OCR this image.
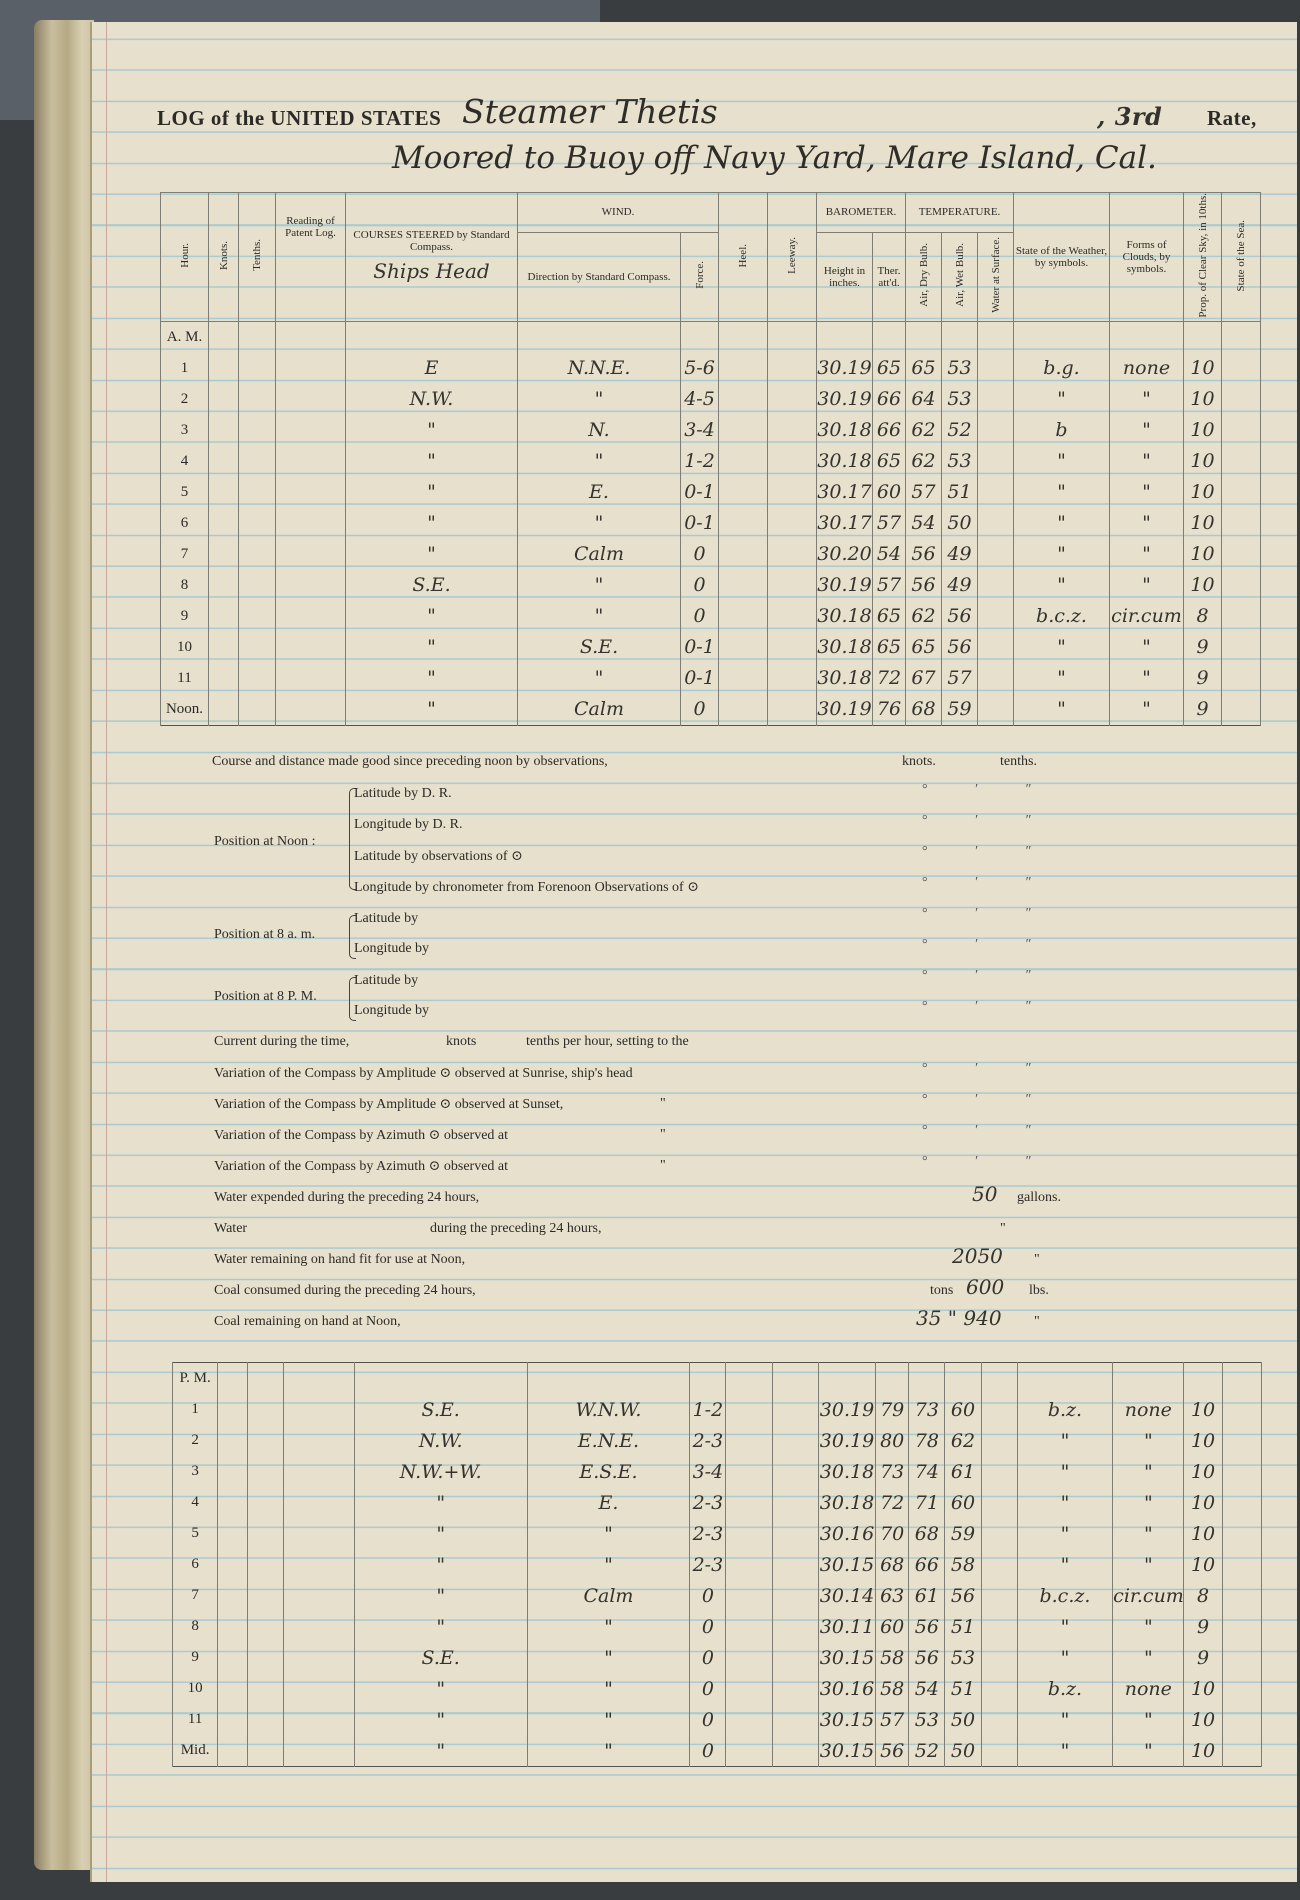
LOG of the UNITED STATES Steamer Thetis	, 3rd Rate,
Moored to Buoy off Navy Yard, Mare Island, Cal.
Hour.	Knots.	Tenths.	Reading of Patent Log.	COURSES STEERED by Standard Compass.
Ships Head	WIND.		Heel.	Leeway.	BAROMETER.		TEMPERATURE.			State of the Weather, by symbols.	Forms of Clouds, by symbols.	Prop. of Clear Sky, in 10ths.	State of the Sea.
					Direction by Standard Compass.	Force.			Height in inches.	Ther. att'd.	Air, Dry Bulb.	Air, Wet Bulb.	Water at Surface.				
A. M.																	
1				E	N.N.E.	5-6			30.19	65	65	53		b.g.	none	10	
2				N.W.	"	4-5			30.19	66	64	53		"	"	10	
3				"	N.	3-4			30.18	66	62	52		b	"	10	
4				"	"	1-2			30.18	65	62	53		"	"	10	
5				"	E.	0-1			30.17	60	57	51		"	"	10	
6				"	"	0-1			30.17	57	54	50		"	"	10	
7				"	Calm	0			30.20	54	56	49		"	"	10	
8				S.E.	"	0			30.19	57	56	49		"	"	10	
9				"	"	0			30.18	65	62	56		b.c.z.	cir.cum	8	
10				"	S.E.	0-1			30.18	65	65	56		"	"	9	
11				"	"	0-1			30.18	72	67	57		"	"	9	
Noon.				"	Calm	0			30.19	76	68	59		"	"	9	
Course and distance made good since preceding noon by observations,	knots.	tenths.
Position at Noon :
Latitude by D. R.
Longitude by D. R.
Latitude by observations of ⊙
Longitude by chronometer from Forenoon Observations of ⊙
Position at 8 a. m.
Latitude by
Longitude by
Position at 8 P. M.
Latitude by
Longitude by
Current during the time,	knots	tenths per hour, setting to the
Variation of the Compass by Amplitude ⊙ observed at Sunrise, ship's head
Variation of the Compass by Amplitude ⊙ observed at Sunset,	"
Variation of the Compass by Azimuth ⊙ observed at	"
Variation of the Compass by Azimuth ⊙ observed at	"
° ′ ″
° ′ ″
° ′ ″
° ′ ″
° ′ ″
° ′ ″
° ′ ″
° ′ ″
° ′ ″
° ′ ″
° ′ ″
° ′ ″
Water expended during the preceding 24 hours,	50 gallons.
Water	during the preceding 24 hours,	"
Water remaining on hand fit for use at Noon,	2050 "
Coal consumed during the preceding 24 hours,	tons 600 lbs.
Coal remaining on hand at Noon,	35 " 940 "
P. M.																	
1				S.E.	W.N.W.	1-2			30.19	79	73	60		b.z.	none	10	
2				N.W.	E.N.E.	2-3			30.19	80	78	62		"	"	10	
3				N.W.+W.	E.S.E.	3-4			30.18	73	74	61		"	"	10	
4				"	E.	2-3			30.18	72	71	60		"	"	10	
5				"	"	2-3			30.16	70	68	59		"	"	10	
6				"	"	2-3			30.15	68	66	58		"	"	10	
7				"	Calm	0			30.14	63	61	56		b.c.z.	cir.cum	8	
8				"	"	0			30.11	60	56	51		"	"	9	
9				S.E.	"	0			30.15	58	56	53		"	"	9	
10				"	"	0			30.16	58	54	51		b.z.	none	10	
11				"	"	0			30.15	57	53	50		"	"	10	
Mid.				"	"	0			30.15	56	52	50		"	"	10	
